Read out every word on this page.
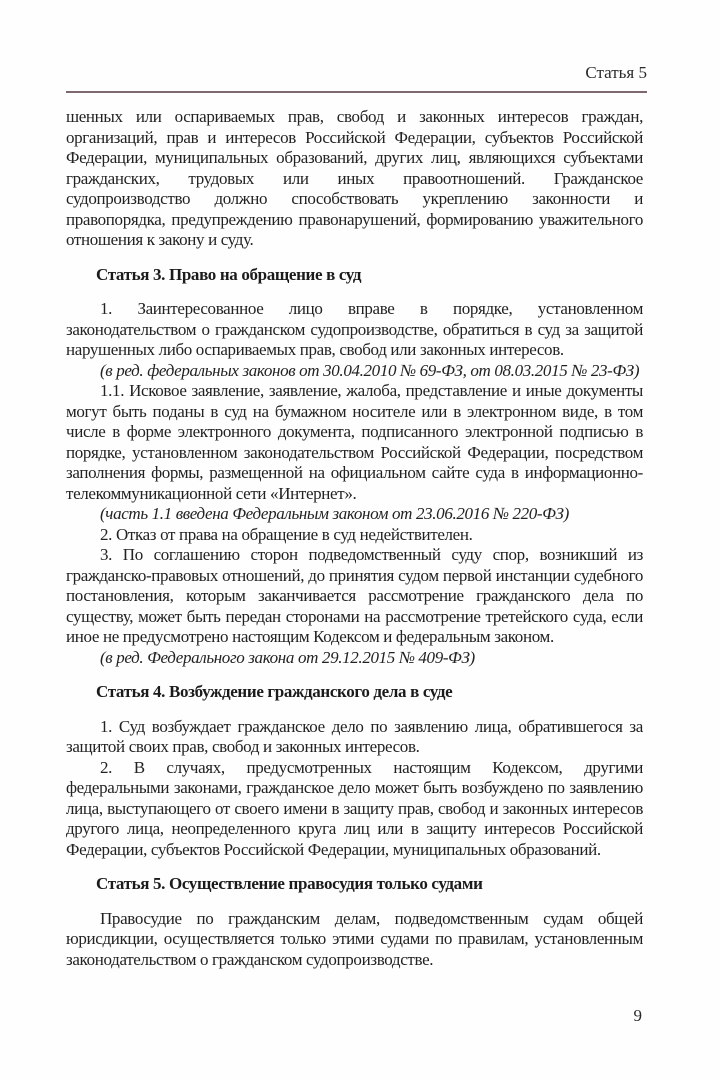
Статья 5

шенных или оспариваемых прав, свобод и законных интересов граждан, организаций, прав и интересов Российской Федерации, субъектов Российской Федерации, муниципальных образований, других лиц, являющихся субъектами гражданских, трудовых или иных правоотношений. Гражданское судопроизводство должно способствовать укреплению законности и правопорядка, предупреждению правонарушений, формированию уважительного отношения к закону и суду.

Статья 3. Право на обращение в суд

1. Заинтересованное лицо вправе в порядке, установленном законодательством о гражданском судопроизводстве, обратиться в суд за защитой нарушенных либо оспариваемых прав, свобод или законных интересов.

(в ред. федеральных законов от 30.04.2010 № 69-ФЗ, от 08.03.2015 № 23-ФЗ)

1.1. Исковое заявление, заявление, жалоба, представление и иные документы могут быть поданы в суд на бумажном носителе или в электронном виде, в том числе в форме электронного документа, подписанного электронной подписью в порядке, установленном законодательством Российской Федерации, посредством заполнения формы, размещенной на официальном сайте суда в информационно-телекоммуникационной сети «Интернет».

(часть 1.1 введена Федеральным законом от 23.06.2016 № 220-ФЗ)

2. Отказ от права на обращение в суд недействителен.

3. По соглашению сторон подведомственный суду спор, возникший из гражданско-правовых отношений, до принятия судом первой инстанции судебного постановления, которым заканчивается рассмотрение гражданского дела по существу, может быть передан сторонами на рассмотрение третейского суда, если иное не предусмотрено настоящим Кодексом и федеральным законом.

(в ред. Федерального закона от 29.12.2015 № 409-ФЗ)

Статья 4. Возбуждение гражданского дела в суде

1. Суд возбуждает гражданское дело по заявлению лица, обратившегося за защитой своих прав, свобод и законных интересов.

2. В случаях, предусмотренных настоящим Кодексом, другими федеральными законами, гражданское дело может быть возбуждено по заявлению лица, выступающего от своего имени в защиту прав, свобод и законных интересов другого лица, неопределенного круга лиц или в защиту интересов Российской Федерации, субъектов Российской Федерации, муниципальных образований.

Статья 5. Осуществление правосудия только судами

Правосудие по гражданским делам, подведомственным судам общей юрисдикции, осуществляется только этими судами по правилам, установленным законодательством о гражданском судопроизводстве.

9
